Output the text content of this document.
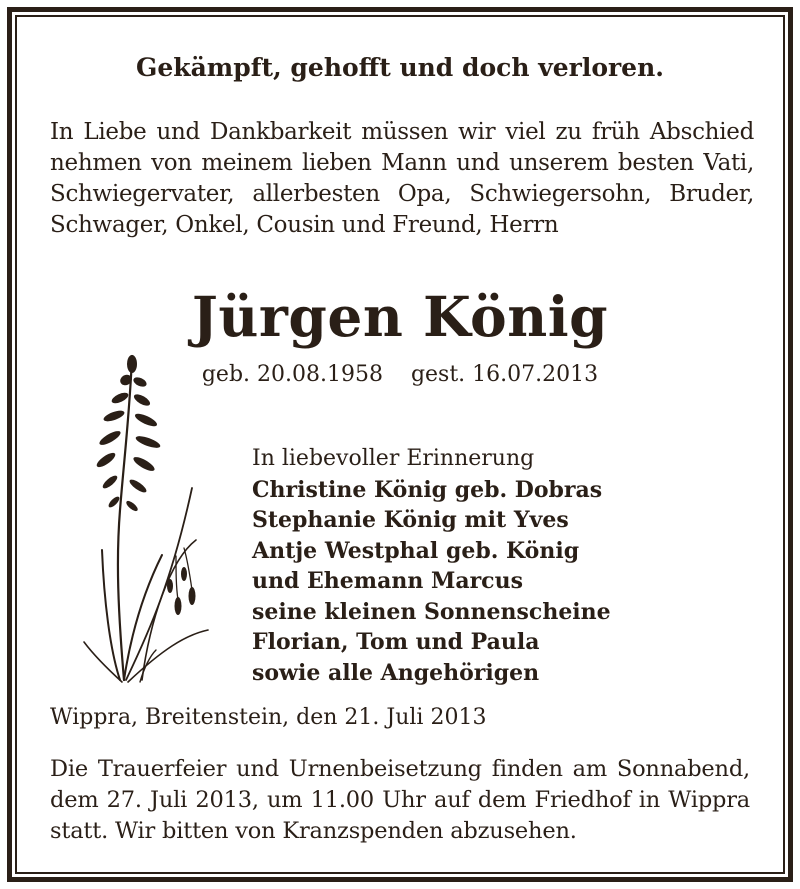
Gekämpft, gehofft und doch verloren.
In Liebe und Dankbarkeit müssen wir viel zu früh Abschied nehmen von meinem lieben Mann und unserem besten Vati, Schwiegervater, allerbesten Opa, Schwiegersohn, Bruder, Schwager, Onkel, Cousin und Freund, Herrn
Jürgen König
geb. 20.08.1958    gest. 16.07.2013
In liebevoller Erinnerung
Christine König geb. Dobras
Stephanie König mit Yves
Antje Westphal geb. König
und Ehemann Marcus
seine kleinen Sonnenscheine
Florian, Tom und Paula
sowie alle Angehörigen
Wippra, Breitenstein, den 21. Juli 2013
Die Trauerfeier und Urnenbeisetzung finden am Sonnabend, dem 27. Juli 2013, um 11.00 Uhr auf dem Friedhof in Wippra statt. Wir bitten von Kranzspenden abzusehen.
